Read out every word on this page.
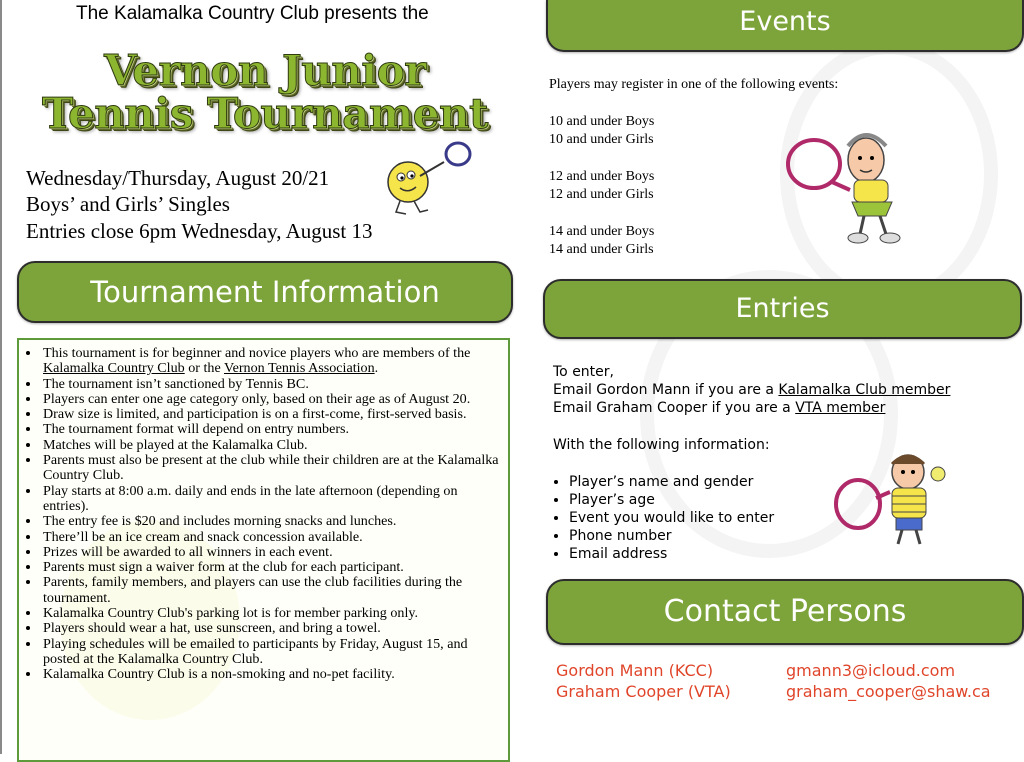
The Kalamalka Country Club presents the
Vernon Junior
Tennis Tournament
Wednesday/Thursday, August 20/21
Boys’ and Girls’ Singles
Entries close 6pm Wednesday, August 13
Tournament Information
• This tournament is for beginner and novice players who are members of the Kalamalka Country Club or the Vernon Tennis Association.
• The tournament isn’t sanctioned by Tennis BC.
• Players can enter one age category only, based on their age as of August 20.
• Draw size is limited, and participation is on a first-come, first-served basis.
• The tournament format will depend on entry numbers.
• Matches will be played at the Kalamalka Club.
• Parents must also be present at the club while their children are at the Kalamalka Country Club.
• Play starts at 8:00 a.m. daily and ends in the late afternoon (depending on entries).
• The entry fee is $20 and includes morning snacks and lunches.
• There’ll be an ice cream and snack concession available.
• Prizes will be awarded to all winners in each event.
• Parents must sign a waiver form at the club for each participant.
• Parents, family members, and players can use the club facilities during the tournament.
• Kalamalka Country Club's parking lot is for member parking only.
• Players should wear a hat, use sunscreen, and bring a towel.
• Playing schedules will be emailed to participants by Friday, August 15, and posted at the Kalamalka Country Club.
• Kalamalka Country Club is a non-smoking and no-pet facility.
Events
Players may register in one of the following events:
10 and under Boys
10 and under Girls
12 and under Boys
12 and under Girls
14 and under Boys
14 and under Girls
Entries
To enter,
Email Gordon Mann if you are a Kalamalka Club member
Email Graham Cooper if you are a VTA member
With the following information:
• Player’s name and gender
• Player’s age
• Event you would like to enter
• Phone number
• Email address
Contact Persons
Gordon Mann (KCC)	gmann3@icloud.com
Graham Cooper (VTA)	graham_cooper@shaw.ca
